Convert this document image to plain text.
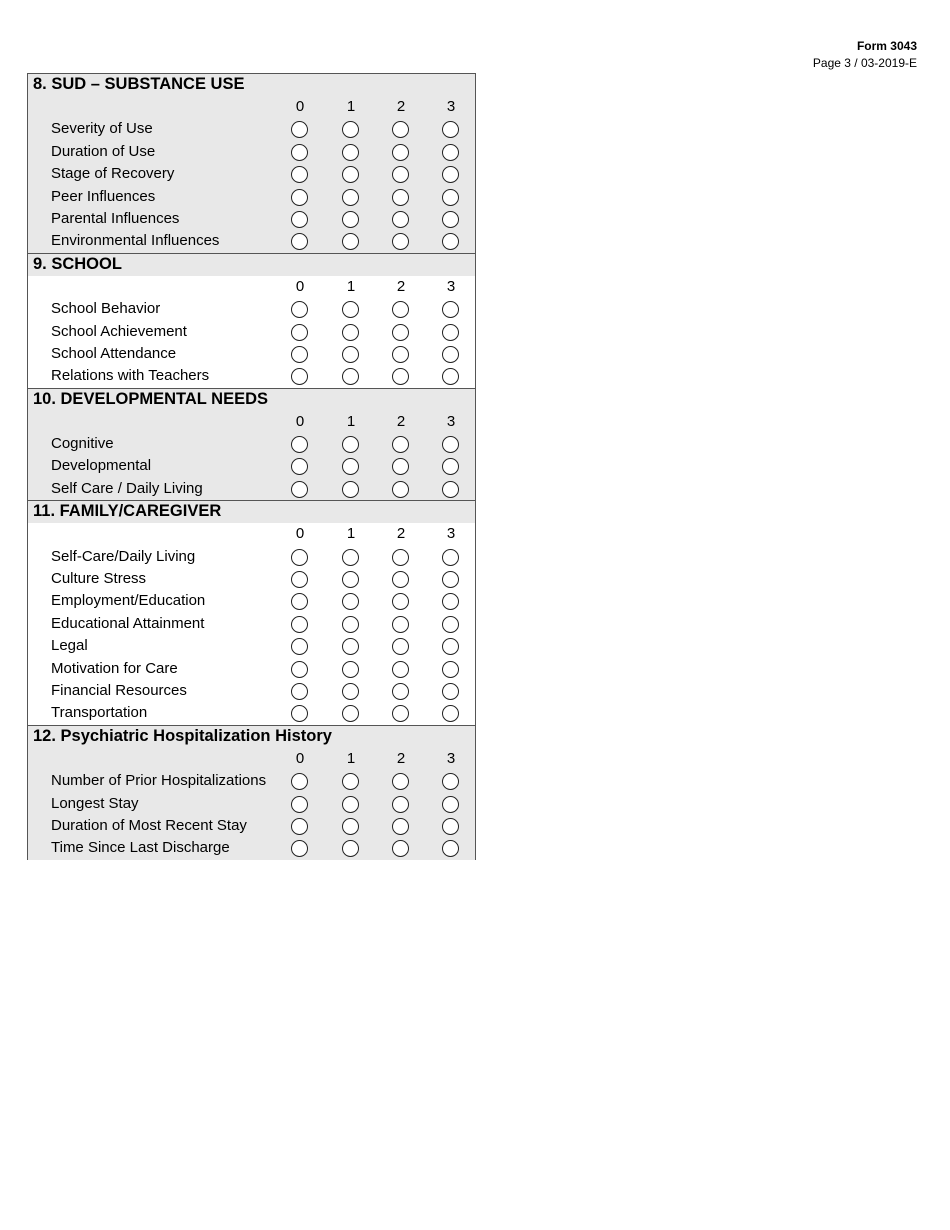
Form 3043
Page 3 / 03-2019-E
8. SUD – SUBSTANCE USE
0	1	2	3
Severity of Use
Duration of Use
Stage of Recovery
Peer Influences
Parental Influences
Environmental Influences
9. SCHOOL
0	1	2	3
School Behavior
School Achievement
School Attendance
Relations with Teachers
10. DEVELOPMENTAL NEEDS
0	1	2	3
Cognitive
Developmental
Self Care / Daily Living
11. FAMILY/CAREGIVER
0	1	2	3
Self-Care/Daily Living
Culture Stress
Employment/Education
Educational Attainment
Legal
Motivation for Care
Financial Resources
Transportation
12. Psychiatric Hospitalization History
0	1	2	3
Number of Prior Hospitalizations
Longest Stay
Duration of Most Recent Stay
Time Since Last Discharge
